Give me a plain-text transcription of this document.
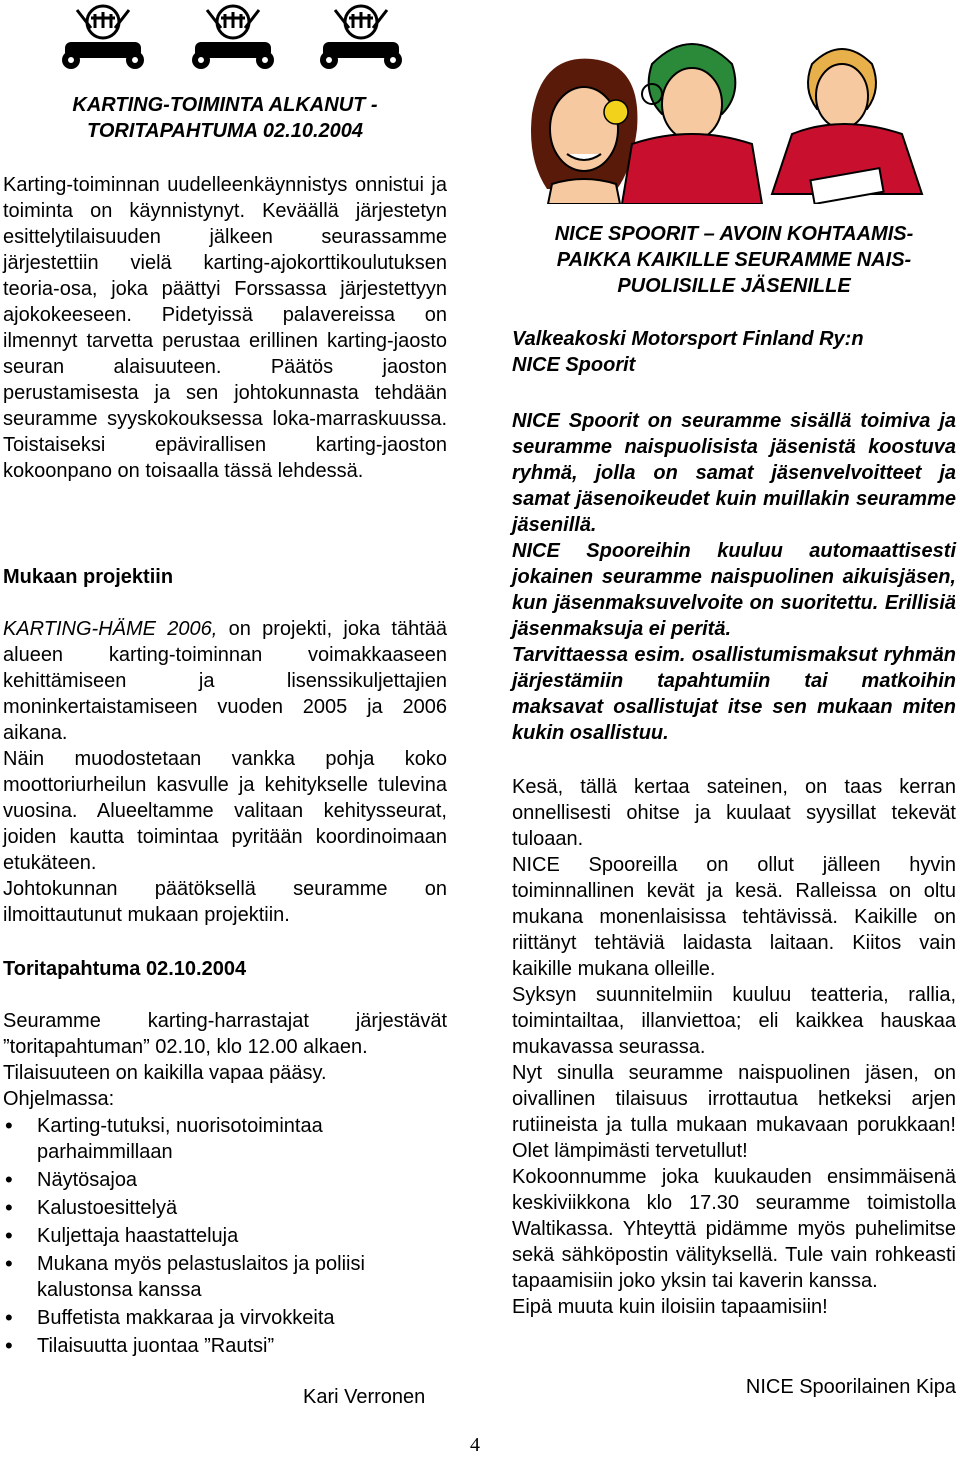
KARTING-TOIMINTA ALKANUT -
TORITAPAHTUMA 02.10.2004

Karting-toiminnan uudelleenkäynnistys onnistui ja toiminta on käynnistynyt. Keväällä järjestetyn esittelytilaisuuden jälkeen seurassamme järjestettiin vielä karting-ajokorttikoulutuksen teoria-osa, joka päättyi Forssassa järjestettyyn ajokokeeseen. Pidetyissä palavereissa on ilmennyt tarvetta perustaa erillinen karting-jaosto seuran alaisuuteen. Päätös jaoston perustamisesta ja sen johtokunnasta tehdään seuramme syyskokouksessa loka-marraskuussa. Toistaiseksi epävirallisen karting-jaoston kokoonpano on toisaalla tässä lehdessä.

Mukaan projektiin

KARTING-HÄME 2006, on projekti, joka tähtää alueen karting-toiminnan voimakkaaseen kehittämiseen ja lisenssikuljettajien moninkertaistamiseen vuoden 2005 ja 2006 aikana.

Näin muodostetaan vankka pohja koko moottoriurheilun kasvulle ja kehitykselle tulevina vuosina. Alueeltamme valitaan kehitysseurat, joiden kautta toimintaa pyritään koordinoimaan etukäteen.

Johtokunnan päätöksellä seuramme on ilmoittautunut mukaan projektiin.

Toritapahtuma 02.10.2004

Seuramme karting-harrastajat järjestävät ”toritapahtuman” 02.10, klo 12.00 alkaen.

Tilaisuuteen on kaikilla vapaa pääsy.

Ohjelmassa:

• Karting-tutuksi, nuorisotoimintaa parhaimmillaan
• Näytösajoa
• Kalustoesittelyä
• Kuljettaja haastatteluja
• Mukana myös pelastuslaitos ja poliisi kalustonsa kanssa
• Buffetista makkaraa ja virvokkeita
• Tilaisuutta juontaa ”Rautsi”
Kari Verronen
NICE SPOORIT – AVOIN KOHTAAMIS-
PAIKKA KAIKILLE SEURAMME NAIS-
PUOLISILLE JÄSENILLE

Valkeakoski Motorsport Finland Ry:n

NICE Spoorit

NICE Spoorit on seuramme sisällä toimiva ja seuramme naispuolisista jäsenistä koostuva ryhmä, jolla on samat jäsenvelvoitteet ja samat jäsenoikeudet kuin muillakin seuramme jäsenillä.

NICE Spooreihin kuuluu automaattisesti jokainen seuramme naispuolinen aikuisjäsen, kun jäsenmaksuvelvoite on suoritettu. Erillisiä jäsenmaksuja ei peritä.

Tarvittaessa esim. osallistumismaksut ryhmän järjestämiin tapahtumiin tai matkoihin maksavat osallistujat itse sen mukaan miten kukin osallistuu.

Kesä, tällä kertaa sateinen, on taas kerran onnellisesti ohitse ja kuulaat syysillat tekevät tuloaan.

NICE Spooreilla on ollut jälleen hyvin toiminnallinen kevät ja kesä. Ralleissa on oltu mukana monenlaisissa tehtävissä. Kaikille on riittänyt tehtäviä laidasta laitaan. Kiitos vain kaikille mukana olleille.

Syksyn suunnitelmiin kuuluu teatteria, rallia, toimintailtaa, illanviettoa; eli kaikkea hauskaa mukavassa seurassa.

Nyt sinulla seuramme naispuolinen jäsen, on oivallinen tilaisuus irrottautua hetkeksi arjen rutiineista ja tulla mukaan mukavaan porukkaan! Olet lämpimästi tervetullut!

Kokoonnumme joka kuukauden ensimmäisenä keskiviikkona klo 17.30 seuramme toimistolla Waltikassa. Yhteyttä pidämme myös puhelimitse sekä sähköpostin välityksellä. Tule vain rohkeasti tapaamisiin joko yksin tai kaverin kanssa.

Eipä muuta kuin iloisiin tapaamisiin!

NICE Spoorilainen Kipa
4
